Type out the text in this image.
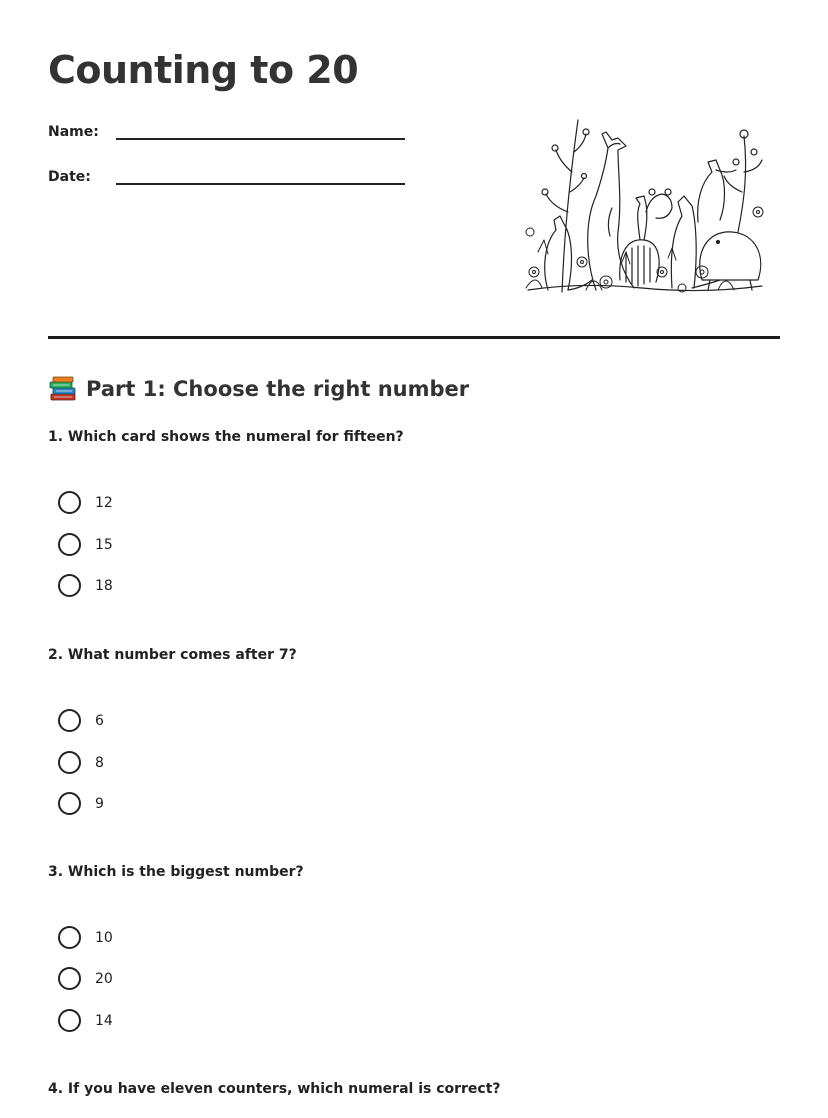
Counting to 20
Name:
Date:
Part 1: Choose the right number
1. Which card shows the numeral for fifteen?
12
15
18
2. What number comes after 7?
6
8
9
3. Which is the biggest number?
10
20
14
4. If you have eleven counters, which numeral is correct?
